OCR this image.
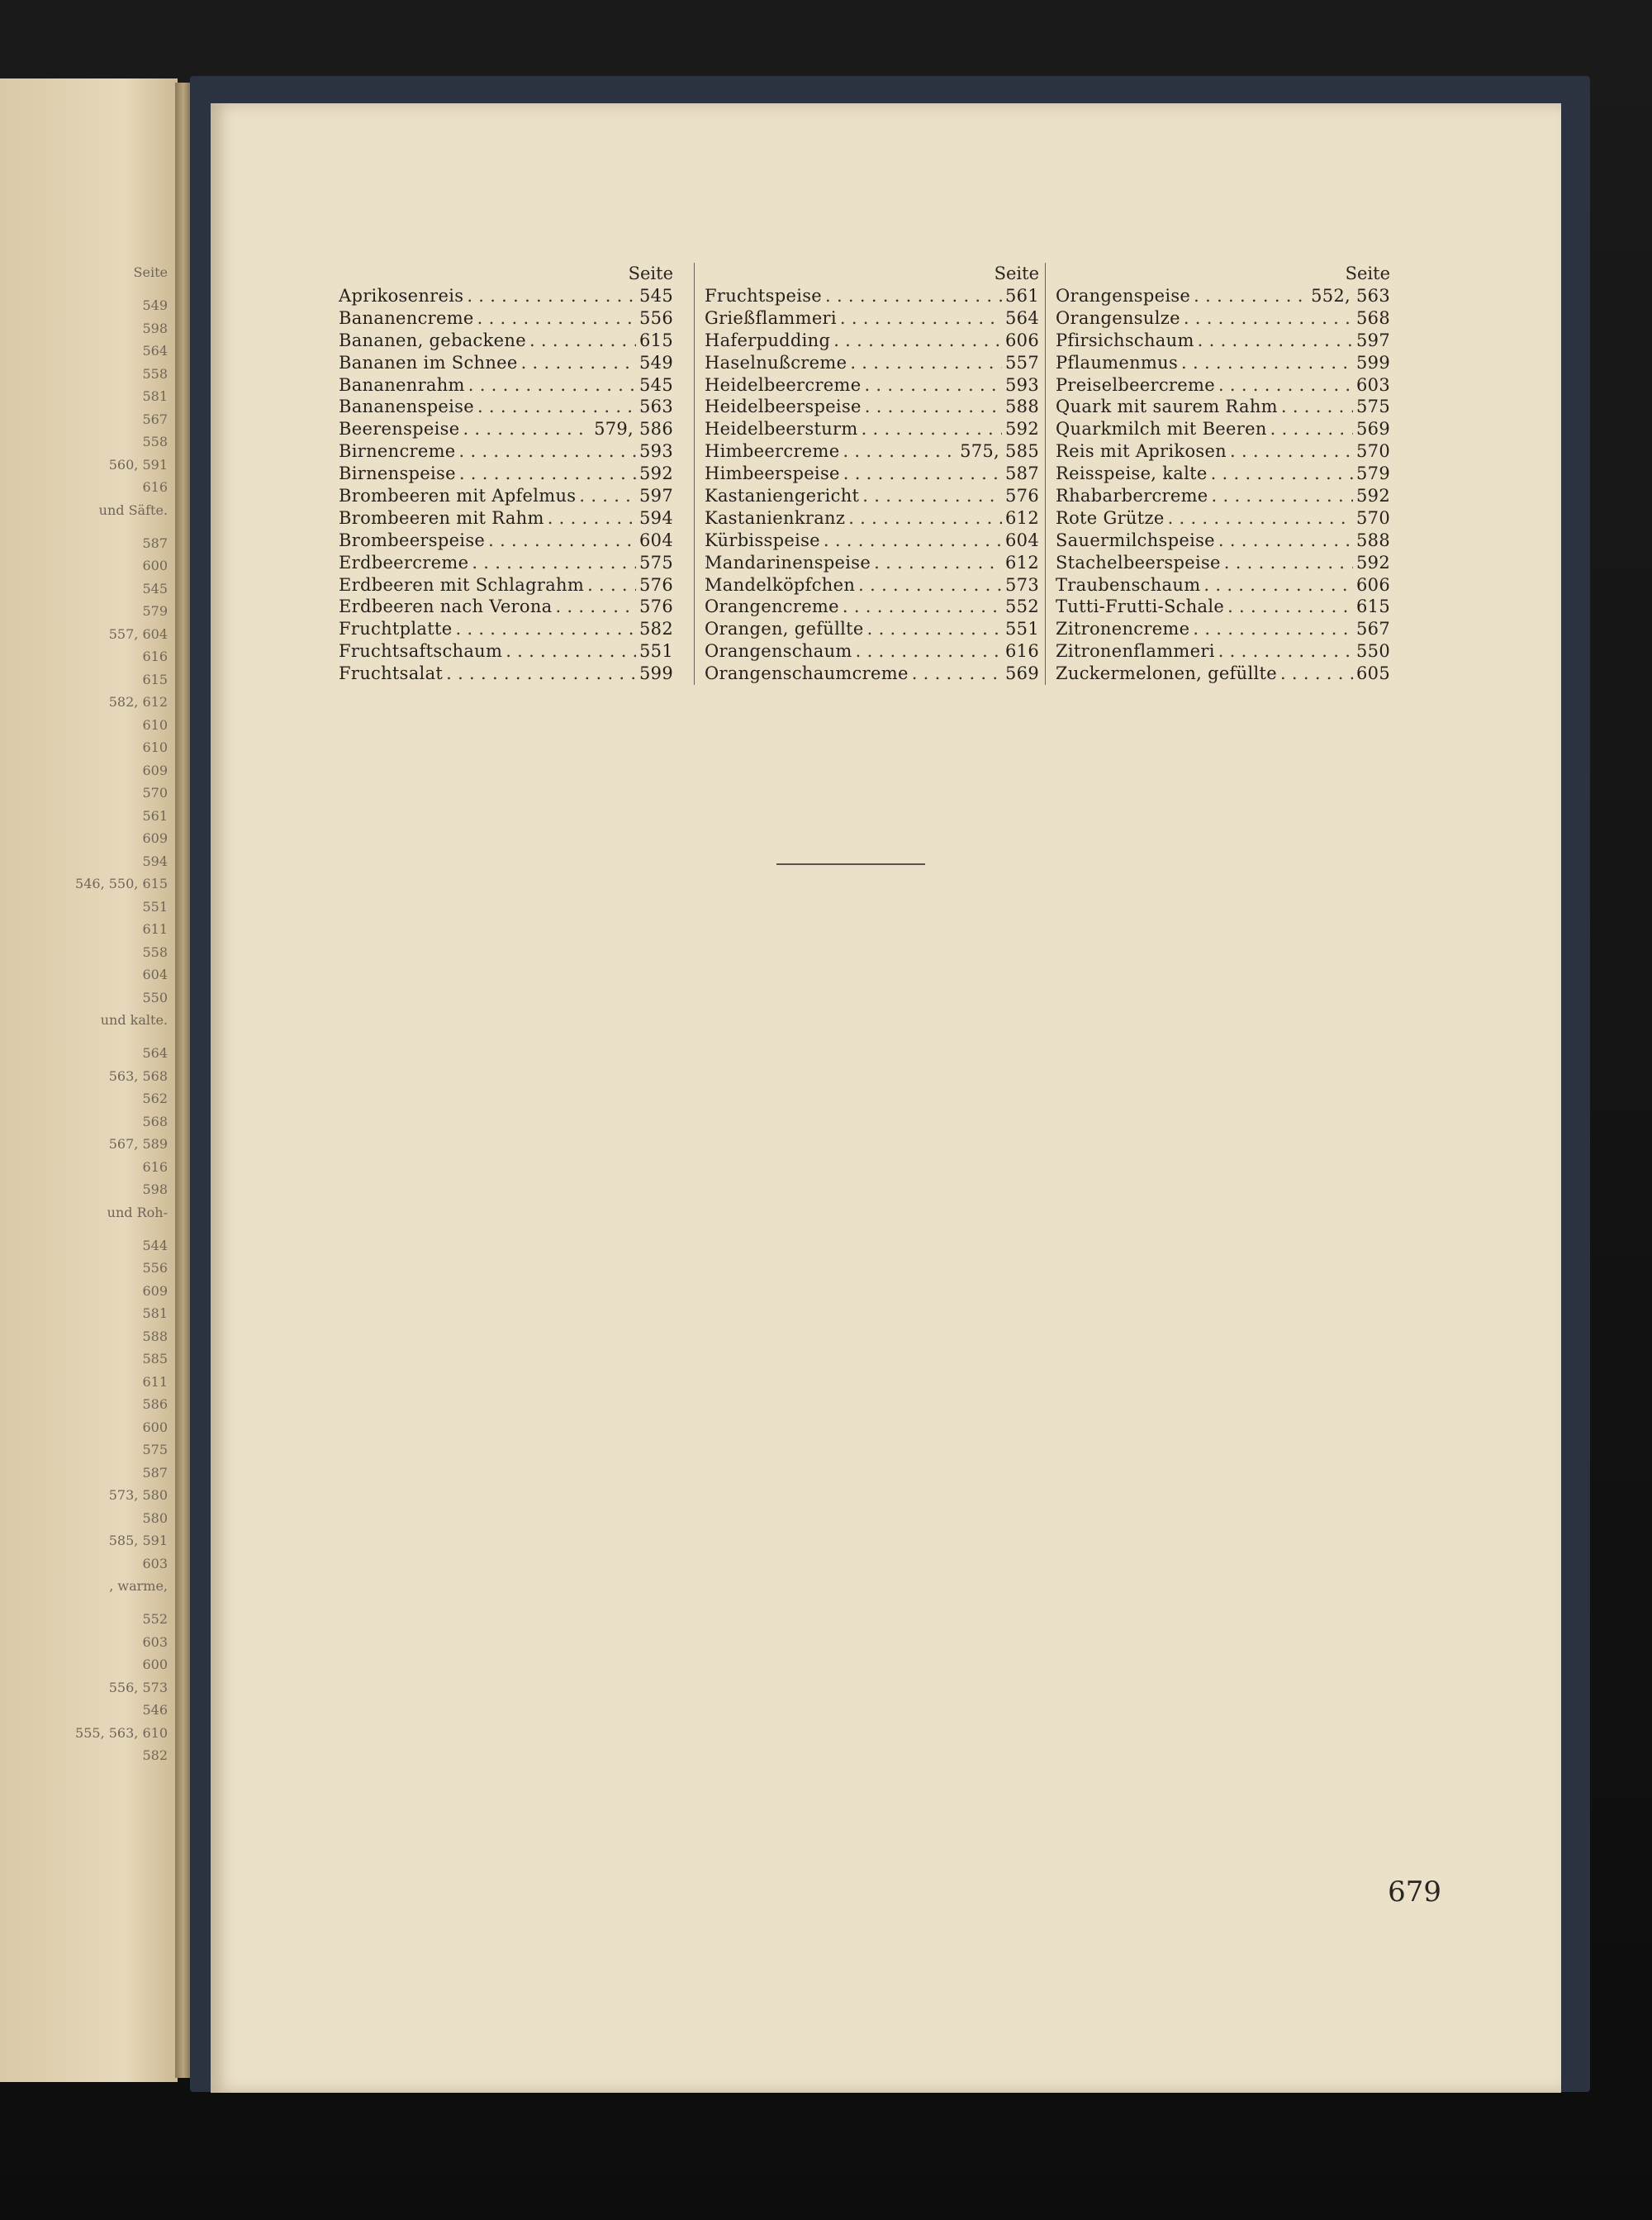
Seite
549
598
564
558
581
567
558
560, 591
616
und Säfte.
587
600
545
579
557, 604
616
615
582, 612
610
610
609
570
561
609
594
546, 550, 615
551
611
558
604
550
und kalte.
564
563, 568
562
568
567, 589
616
598
und Roh-
544
556
609
581
588
585
611
586
600
575
587
573, 580
580
585, 591
603
, warme,
552
603
600
556, 573
546
555, 563, 610
582
Seite
Aprikosenreis . . .	545
Bananencreme . . .	556
Bananen, gebackene . . .	615
Bananen im Schnee . . .	549
Bananenrahm . . .	545
Bananenspeise . . .	563
Beerenspeise . . .	579, 586
Birnencreme . . .	593
Birnenspeise . . .	592
Brombeeren mit Apfelmus . . .	597
Brombeeren mit Rahm . . .	594
Brombeerspeise . . .	604
Erdbeercreme . . .	575
Erdbeeren mit Schlagrahm . . .	576
Erdbeeren nach Verona . . .	576
Fruchtplatte . . .	582
Fruchtsaftschaum . . .	551
Fruchtsalat . . .	599
Seite
Fruchtspeise . . .	561
Grießflammeri . . .	564
Haferpudding . . .	606
Haselnußcreme . . .	557
Heidelbeercreme . . .	593
Heidelbeerspeise . . .	588
Heidelbeersturm . . .	592
Himbeercreme . . .	575, 585
Himbeerspeise . . .	587
Kastaniengericht . . .	576
Kastanienkranz . . .	612
Kürbisspeise . . .	604
Mandarinenspeise . . .	612
Mandelköpfchen . . .	573
Orangencreme . . .	552
Orangen, gefüllte . . .	551
Orangenschaum . . .	616
Orangenschaumcreme . . .	569
Seite
Orangenspeise . . .	552, 563
Orangensulze . . .	568
Pfirsichschaum . . .	597
Pflaumenmus . . .	599
Preiselbeercreme . . .	603
Quark mit saurem Rahm . . .	575
Quarkmilch mit Beeren . . .	569
Reis mit Aprikosen . . .	570
Reisspeise, kalte . . .	579
Rhabarbercreme . . .	592
Rote Grütze . . .	570
Sauermilchspeise . . .	588
Stachelbeerspeise . . .	592
Traubenschaum . . .	606
Tutti-Frutti-Schale . . .	615
Zitronencreme . . .	567
Zitronenflammeri . . .	550
Zuckermelonen, gefüllte . . .	605
679
